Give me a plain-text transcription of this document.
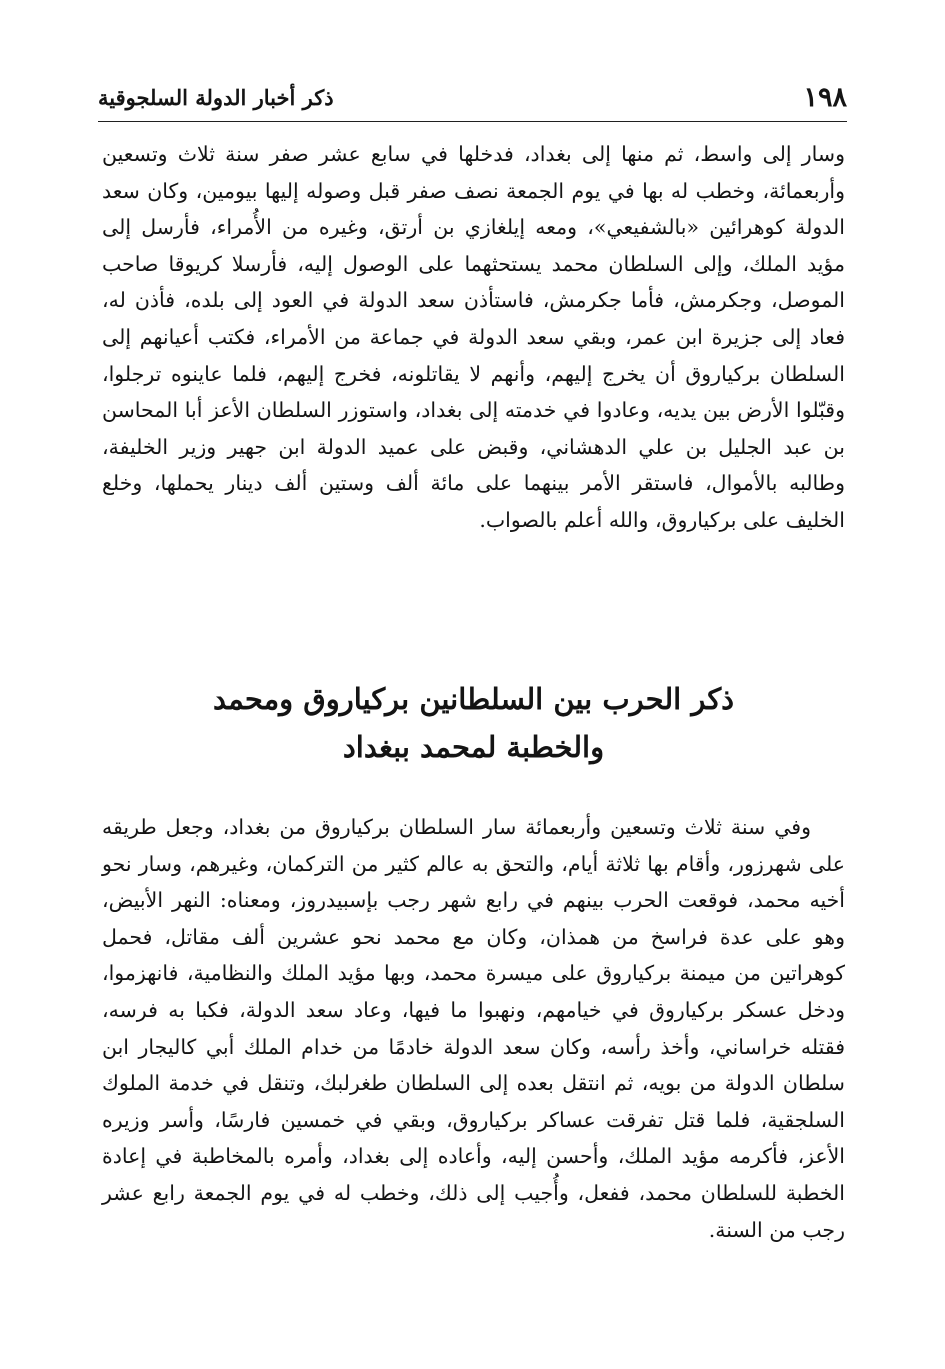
١٩٨
ذكر أخبار الدولة السلجوقية

وسار إلى واسط، ثم منها إلى بغداد، فدخلها في سابع عشر صفر سنة ثلاث وتسعين وأربعمائة، وخطب له بها في يوم الجمعة نصف صفر قبل وصوله إليها بيومين، وكان سعد الدولة كوهرائين «بالشفيعي»، ومعه إيلغازي بن أرتق، وغيره من الأُمراء، فأرسل إلى مؤيد الملك، وإلى السلطان محمد يستحثهما على الوصول إليه، فأرسلا كريوقا صاحب الموصل، وجكرمش، فأما جكرمش، فاستأذن سعد الدولة في العود إلى بلده، فأذن له، فعاد إلى جزيرة ابن عمر، وبقي سعد الدولة في جماعة من الأمراء، فكتب أعيانهم إلى السلطان بركياروق أن يخرج إليهم، وأنهم لا يقاتلونه، فخرج إليهم، فلما عاينوه ترجلوا، وقبّلوا الأرض بين يديه، وعادوا في خدمته إلى بغداد، واستوزر السلطان الأعز أبا المحاسن بن عبد الجليل بن علي الدهشاني، وقبض على عميد الدولة ابن جهير وزير الخليفة، وطالبه بالأموال، فاستقر الأمر بينهما على مائة ألف وستين ألف دينار يحملها، وخلع الخليف على بركياروق، والله أعلم بالصواب.

ذكر الحرب بين السلطانين بركياروق ومحمد
والخطبة لمحمد ببغداد

وفي سنة ثلاث وتسعين وأربعمائة سار السلطان بركياروق من بغداد، وجعل طريقه على شهرزور، وأقام بها ثلاثة أيام، والتحق به عالم كثير من التركمان، وغيرهم، وسار نحو أخيه محمد، فوقعت الحرب بينهم في رابع شهر رجب بإسبيدروز، ومعناه: النهر الأبيض، وهو على عدة فراسخ من همذان، وكان مع محمد نحو عشرين ألف مقاتل، فحمل كوهراتين من ميمنة بركياروق على ميسرة محمد، وبها مؤيد الملك والنظامية، فانهزموا، ودخل عسكر بركياروق في خيامهم، ونهبوا ما فيها، وعاد سعد الدولة، فكبا به فرسه، فقتله خراساني، وأخذ رأسه، وكان سعد الدولة خادمًا من خدام الملك أبي كاليجار ابن سلطان الدولة من بويه، ثم انتقل بعده إلى السلطان طغرلبك، وتنقل في خدمة الملوك السلجقية، فلما قتل تفرقت عساكر بركياروق، وبقي في خمسين فارسًا، وأسر وزيره الأعز، فأكرمه مؤيد الملك، وأحسن إليه، وأعاده إلى بغداد، وأمره بالمخاطبة في إعادة الخطبة للسلطان محمد، ففعل، وأُجيب إلى ذلك، وخطب له في يوم الجمعة رابع عشر رجب من السنة.
